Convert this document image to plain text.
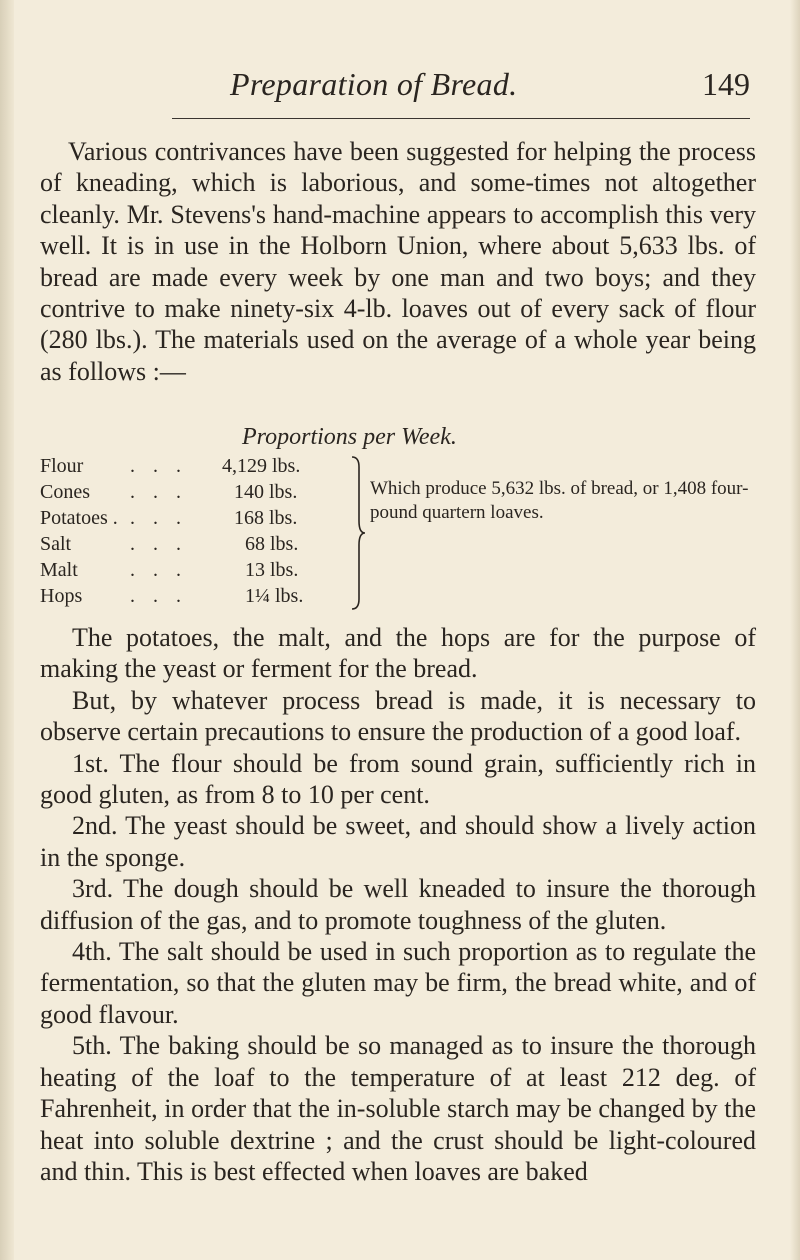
Preparation of Bread.	149

Various contrivances have been suggested for helping the process of kneading, which is laborious, and some-times not altogether cleanly. Mr. Stevens's hand-machine appears to accomplish this very well. It is in use in the Holborn Union, where about 5,633 lbs. of bread are made every week by one man and two boys; and they contrive to make ninety-six 4-lb. loaves out of every sack of flour (280 lbs.). The materials used on the average of a whole year being as follows :—

Proportions per Week.
Flour	... 4,129 lbs.
Cones	... 140 lbs.
Potatoes . ... 168 lbs.
Salt	... 68 lbs.
Malt	... 13 lbs.
Hops	... 1¼ lbs.
Which produce 5,632 lbs. of bread, or 1,408 four-pound quartern loaves.
The potatoes, the malt, and the hops are for the purpose of making the yeast or ferment for the bread.
But, by whatever process bread is made, it is necessary to observe certain precautions to ensure the production of a good loaf.
1st. The flour should be from sound grain, sufficiently rich in good gluten, as from 8 to 10 per cent.
2nd. The yeast should be sweet, and should show a lively action in the sponge.
3rd. The dough should be well kneaded to insure the thorough diffusion of the gas, and to promote toughness of the gluten.
4th. The salt should be used in such proportion as to regulate the fermentation, so that the gluten may be firm, the bread white, and of good flavour.
5th. The baking should be so managed as to insure the thorough heating of the loaf to the temperature of at least 212 deg. of Fahrenheit, in order that the in-soluble starch may be changed by the heat into soluble dextrine ; and the crust should be light-coloured and thin. This is best effected when loaves are baked
